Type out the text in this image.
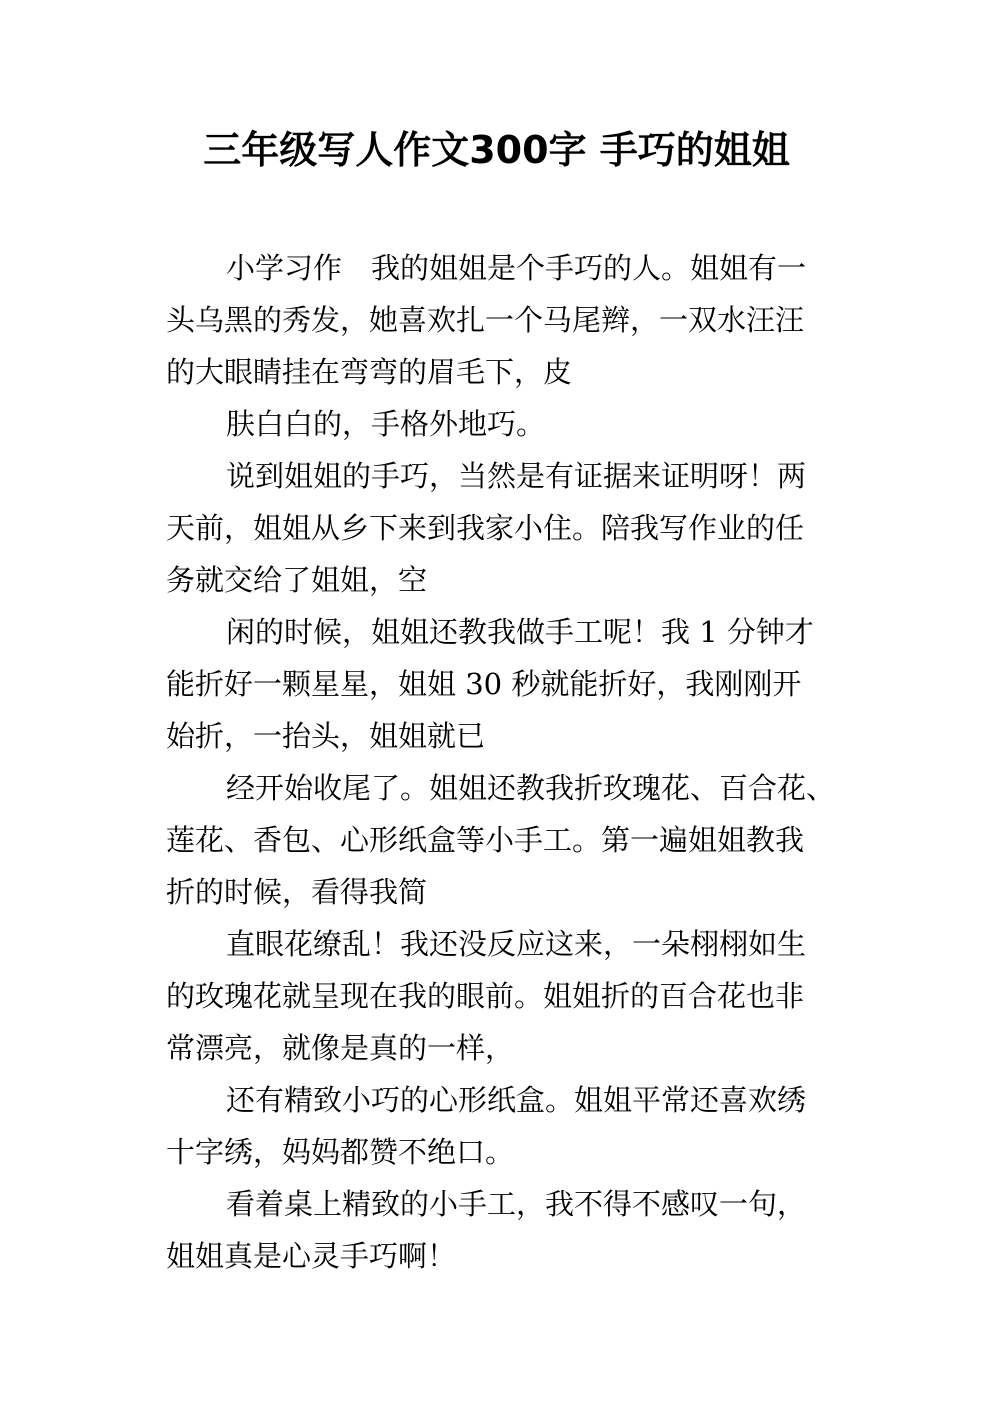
三年级写人作文300字 手巧的姐姐
小学习作　我的姐姐是个手巧的人。姐姐有一
头乌黑的秀发，她喜欢扎一个马尾辫，一双水汪汪
的大眼睛挂在弯弯的眉毛下，皮
肤白白的，手格外地巧。
说到姐姐的手巧，当然是有证据来证明呀！两
天前，姐姐从乡下来到我家小住。陪我写作业的任
务就交给了姐姐，空
闲的时候，姐姐还教我做手工呢！我 1 分钟才
能折好一颗星星，姐姐 30 秒就能折好，我刚刚开
始折，一抬头，姐姐就已
经开始收尾了。姐姐还教我折玫瑰花、百合花、
莲花、香包、心形纸盒等小手工。第一遍姐姐教我
折的时候，看得我简
直眼花缭乱！我还没反应这来，一朵栩栩如生
的玫瑰花就呈现在我的眼前。姐姐折的百合花也非
常漂亮，就像是真的一样，
还有精致小巧的心形纸盒。姐姐平常还喜欢绣
十字绣，妈妈都赞不绝口。
看着桌上精致的小手工，我不得不感叹一句，
姐姐真是心灵手巧啊！
